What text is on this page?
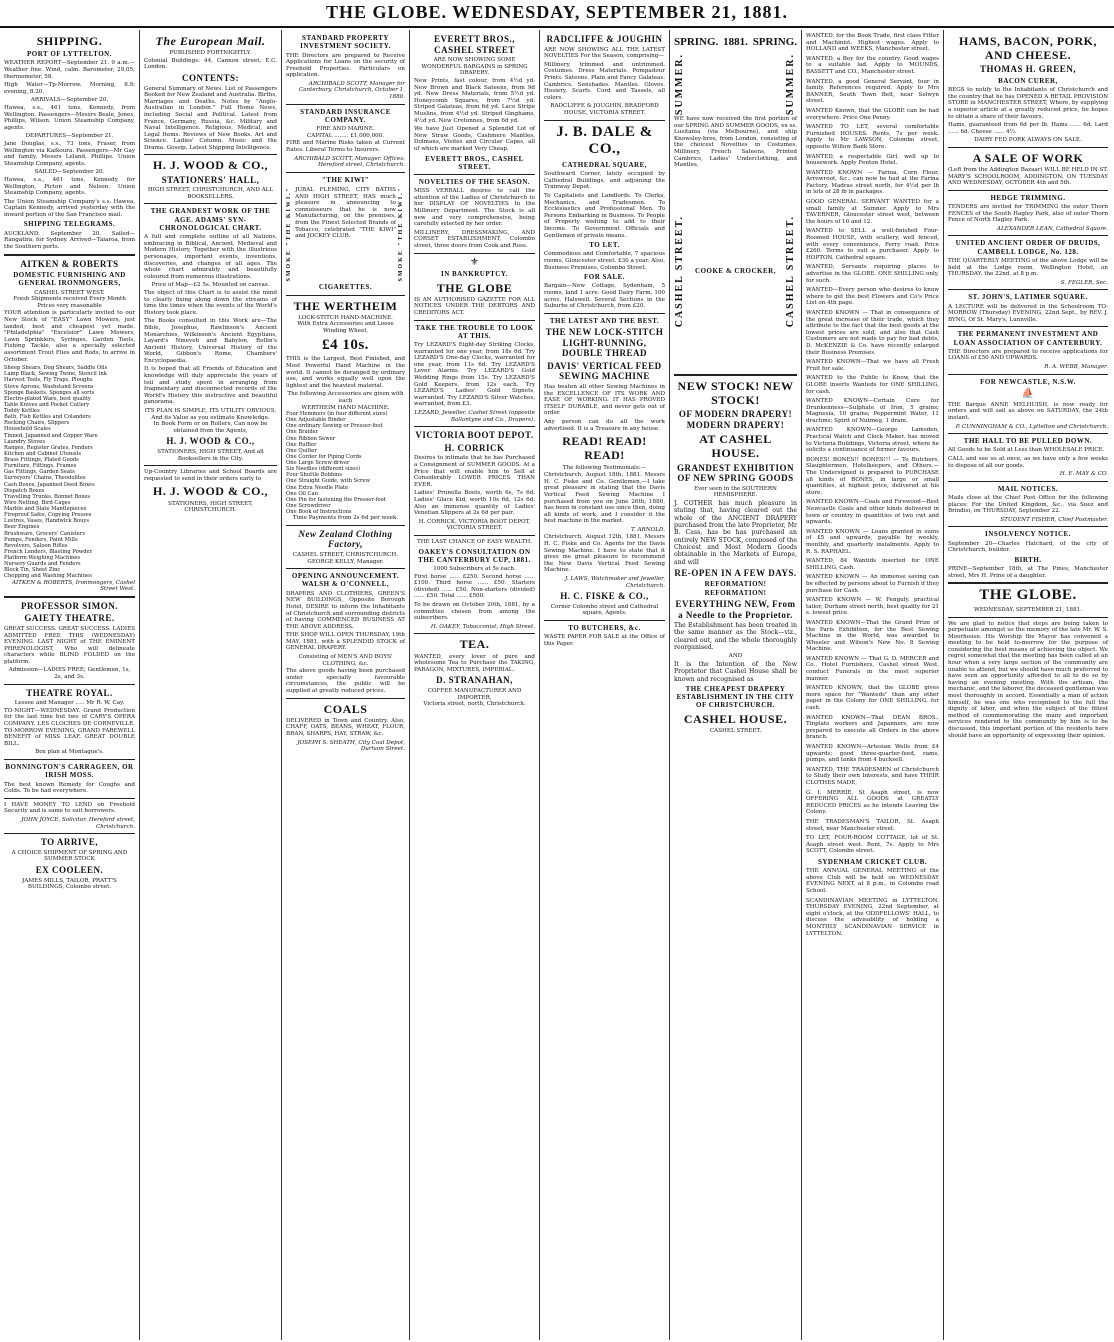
THE GLOBE. WEDNESDAY, SEPTEMBER 21, 1881.
SHIPPING.
PORT OF LYTTELTON.
WEATHER REPORT—September 21. 9 a.m.—Weather fine. Wind, calm. Barometer, 29.05; thermometer, 58.
High Water—Tp-Morrow. Morning, 8.9; evening, 8.20.
ARRIVALS—September 20.
Hawea, s.s., 461 tons, Kennedy, from Wellington. Passengers—Messrs Beale, Jones, Phillips, Wilson. Union Steamship Company, agents.
DEPARTURES—September 21.
Jane Douglas, s.s., 73 tons, Fraser, from Wellington via Kaikoura. Passengers—Mr Gay and family, Messrs Leland, Phillips. Union Steamship Company, agents.
SAILED—September 20.
Hawea, s.s., 461 tons, Kennedy, for Wellington, Picton and Nelson. Union Steamship Company, agents.
The Union Steamship Company's s.s. Hawea, Captain Kennedy, arrived yesterday with the inward portion of the San Francisco mail.
SHIPPING TELEGRAMS.
AUCKLAND, September 20. Sailed—Rangatira, for Sydney. Arrived—Taiaroa, from the Southern ports.
AITKEN & ROBERTS
DOMESTIC FURNISHING AND GENERAL IRONMONGERS,
CASHEL STREET WEST.
Fresh Shipments received Every Month
Prices very reasonable
YOUR attention is particularly invited to our New Stock of "EASY" Lawn Mowers, just landed, best and cheapest yet made. "Philadelphia" "Excelsior" Lawn Mowers, Lawn Sprinklers, Syringes, Garden Tools, Fishing Tackle, also a specially selected assortment Trout Flies and Rods, to arrive in October.
Sheep Shears, Dog Shears, Saddle Oils
Lamp Black, Sewing Twine, Stencil Ink
Harvest Tools, Fly Traps, Ploughs
Stove Aprons, Washstand Screens
Sponge Baskets, Sponges all sorts
Electro-plated Ware, best quality
Table Knives and Pocket Cutlery
Toddy Kettles
Bath, Fish Kettles and Colanders
Rocking Chairs, Slippers
Household Scales
Tinned, Japanned and Copper Ware
Laundry Stoves
Ranges, Register Grates, Fenders
Kitchen and Cabinet Utensils
Brass Fittings, Plated Goods
Furniture, Fittings, Frames
Gas Fittings, Garden Seats
Surveyors' Chains, Theodolites
Cash Boxes, Japanned Deed Boxes
Dispatch Boxes
Travelling Trunks, Bonnet Boxes
Wire Netting, Bird Cages
Marble and Slate Mantlepieces
Fireproof Safes, Copying Presses
Lustres, Vases, Handwick Bouys
Beer Engines
Brushware, Grocers' Canisters
Pumps, Fenders, Paint Mills
Revolvers, Saloon Rifles
French Lenders, Blasting Powder
Platform Weighing Machines
Nursery Guards and Fenders
Block Tin, Sheet Zinc
Chopping and Washing Machines
AITKEN & ROBERTS, Ironmongers, Cashel Street West.
PROFESSOR SIMON.
GAIETY THEATRE.
GREAT SUCCESS. GREAT SUCCESS. LADIES ADMITTED FREE THIS (WEDNESDAY) EVENING. LAST NIGHT of THE EMINENT PHRENOLOGIST, Who will delineate characters while BLIND FOLDED on the platform.
Admission—LADIES FREE; Gentlemen, 1s, 2s, and 3s.
THEATRE ROYAL.
Lessee and Manager ..... Mr R. W. Cay.
TO-NIGHT—WEDNESDAY. Grand Production for the last time but two of CARY'S OPERA COMPANY. LES CLOCHES DE CORNEVILLE. TO-MORROW EVENING, GRAND FAREWELL BENEFIT of MISS LEAF. GREAT DOUBLE BILL.
Box plan at Montague's.
BONNINGTON'S CARRAGEEN, OR IRISH MOSS.
The best known Remedy for Coughs and Colds. To be had everywhere.
I HAVE MONEY TO LEND on Freehold Security and is same to suit borrowers.
JOHN JOYCE, Solicitor, Hereford street, Christchurch.
TO ARRIVE,
A CHOICE SHIPMENT OF SPRING AND SUMMER STOCK
EX COOLEEN.
JAMES MILLS, TAILOR, PRATT'S BUILDINGS, Colombo street.
The European Mail.
PUBLISHED FORTNIGHTLY.
Colonial Buildings: 44, Cannon street, E.C. London.
CONTENTS:
General Summary of News. List of Passengers Booked for New Zealand and Australia. Births, Marriages and Deaths. Notes by "Anglo-Australian in London." Full Home News, including Social and Political. Latest from France, Germany, Russia, &c. Military and Naval Intelligence. Religious, Medical, and Legal Items. Reviews of New Books. Art and Science. Ladies' Column. Music and the Drama. Gossip. Latest Shipping Intelligence.
H. J. WOOD & CO.,
STATIONERS' HALL,
HIGH STREET, CHRISTCHURCH, AND ALL BOOKSELLERS.
THE GRANDEST WORK OF THE AGE. ADAMS' SYN-CHRONOLOGICAL CHART.
A full and complete outline of all Nations, embracing in Biblical, Ancient, Medieval and Modern History, Together with the illustrious personages, important events, inventions, discoveries, and changes of all ages. The whole chart admirably and beautifully coloured from numerous illustrations.
Price of Map—£2 5s. Mounted on canvas.
The object of this Chart is to assist the mind to clearly fixing along down the streams of time the times when the events of the World's History took place.
The Books consulted in this Work are—The Bible, Josephus, Rawlinson's Ancient Monarchies, Wilkinson's Ancient Egyptians, Layard's Nineveh and Babylon, Rollin's Ancient History, Universal History of the World, Gibbon's Rome, Chambers' Encyclopaedia.
It is hoped that all Friends of Education and knowledge will duly appreciate the years of toil and study spent in arranging from fragmentary and disconnected records of the World's History this instructive and beautiful panorama.
ITS PLAN IS SIMPLE, ITS UTILITY OBVIOUS, And its Value as you estimate Knowledge.
In Book Form or on Rollers, Can now be obtained from the Agents,
H. J. WOOD & CO.,
STATIONERS, HIGH STREET, And all Booksellers in the City.
Up-Country Libraries and School Boards are requested to send in their orders early to
H. J. WOOD & CO.,
STATIONERS, HIGH STREET, CHRISTCHURCH.
STANDARD PROPERTY INVESTMENT SOCIETY.
THE Directors are prepared to Receive Applications for Loans on the security of Freehold Properties. Particulars on application.
ARCHIBALD SCOTT, Manager for Canterbury. Christchurch, October 1, 1880.
STANDARD INSURANCE COMPANY.
FIRE AND MARINE.
CAPITAL ........ £1,000,000.
FIRE and Marine Risks taken at Current Rates. Liberal Terms to Insurers.
ARCHIBALD SCOTT, Manager. Offices: Hereford street, Christchurch.
"THE KIWI"
SMOKE "THE KIWI." JUBAL FLEMING, CITY BATHS AND HIGH STREET, HAS much pleasure in announcing to connoisseurs that he is now Manufacturing, on the premises, from the Finest Selected Brands of Tobacco, celebrated "THE KIWI" and JOCKEY CLUB.	SMOKE "THE KIWI."
CIGARETTES.
THE WERTHEIM
LOCK-STITCH HAND-MACHINE.
With Extra Accessories and Loose Winding Wheel,
£4 10s.
THIS is the Largest, Best Finished, and Most Powerful Hand Machine in the world. It cannot be deranged by ordinary use, and works equally well upon the lightest and the heaviest material.
The following Accessories are given with each
WERTHEIM HAND MACHINE.
Four Hemmers (in four different sizes)
One Adjustable Binder
One ordinary Sewing or Presser-foot
One Braider
One Ribbon Sewer
One Ruffler
One Quilter
One Corder for Piping Cords
One Large Screw-driver
Six Needles (different sizes)
Four Shuttle Bobbins
One Straight Guide, with Screw
One Extra Needle Plate
One Oil Can
One Pin for fastening the Presser-foot
One Screwdriver
One Book of Instructions
Time Payments from 2s 6d per week.
New Zealand Clothing Factory,
CASHEL STREET, CHRISTCHURCH.
GEORGE KELLY, Manager.
OPENING ANNOUNCEMENT. WALSH & O'CONNELL,
DRAPERS AND CLOTHIERS, GREEN'S NEW BUILDINGS, Opposite Borough Hotel, DESIRE to inform the Inhabitants of Christchurch and surrounding districts of having COMMENCED BUSINESS AT THE ABOVE ADDRESS.
THE SHOP WILL OPEN THURSDAY, 19th MAY, 1881, with a SPLENDID STOCK of GENERAL DRAPERY.
Consisting of MEN'S AND BOYS' CLOTHING, &c.
The above goods having been purchased under specially favourable circumstances, the public will be supplied at greatly reduced prices.
COALS
DELIVERED in Town and Country. Also, CHAFF, OATS, BEANS, WHEAT, FLOUR, BRAN, SHARPS, HAY, STRAW, &c.
JOSEPH S. SHEATH, City Coal Depot, Durham Street.
EVERETT BROS., CASHEL STREET
ARE NOW SHOWING SOME WONDERFUL BARGAINS in SPRING DRAPERY.
New Prints, fast colour, from 4½d yd. New Brown and Black Sateens, from 9d yd. New Dress Materials, from 5½d yd. Honeycomb Squares, from 7½d yd. Striped Galateas, from 6d yd. Lace Stripe Muslins, from 4½d yd. Striped Ginghams, 4½d yd. New Cretonnes, from 6d yd.
We have Just Opened a Splendid Lot of New Straw Goods, Cashmere Mantles, Dolmans, Visites and Circular Capes, all of which are marked Very Cheap.
EVERETT BROS., CASHEL STREET.
NOVELTIES OF THE SEASON.
MISS VERRALL desires to call the attention of the Ladies of Christchurch to her DISPLAY OF NOVELTIES In the Millinery Department. The Stock is all new and very comprehensive, being carefully selected by her order.
MILLINERY, DRESSMAKING, AND CORSET ESTABLISHMENT, Colombo street, three doors from Cook and Ross.
⚜
IN BANKRUPTCY.
THE GLOBE
IS AN AUTHORISED GAZETTE FOR ALL NOTICES UNDER THE DEBTORS AND CREDITORS ACT.
TAKE THE TROUBLE TO LOOK AT THIS.
Try LEZARD'S Eight-day Striking Clocks, warranted for one year, from 18s 6d. Try LEZARD'S One-day Clocks, warranted for one year, from 11s 6d. Try LEZARD'S Lever Alarms. Try LEZARD'S Gold Wedding Rings from 15s. Try LEZARD'S Gold Keepers, from 12s each. Try LEZARD'S Ladies' Gold Signets, warranted. Try LEZARD'S Silver Watches, warranted, from £3.
LEZARD, Jeweller, Cashel Street (opposite Ballantyne and Co., Drapers).
VICTORIA BOOT DEPOT.
H. CORRICK
Desires to intimate that he has Purchased a Consignment of SUMMER GOODS. At a Price that will enable him to Sell at Considerably LOWER PRICES THAN EVER.
Ladies' Prunella Boots, worth 6s, 7s 6d. Ladies' Glace Kid, worth 10s 6d, 12s 6d. Also an immense quantity of Ladies' Venetian Slippers at 2s 6d per pair.
H. CORRICK, VICTORIA BOOT DEPOT, VICTORIA STREET.
THE LAST CHANCE OF EASY WEALTH.
OAKEY'S CONSULTATION ON THE CANTERBURY CUP, 1881.
1000 Subscribers at 5s each.
First horse ...... £250. Second horse ...... £100. Third horse ...... £50. Starters (divided) ...... £50. Non-starters (divided) ...... £50. Total ...... £500.
To be drawn on October 20th, 1881, by a committee chosen from among the subscribers.
H. OAKEY, Tobacconist, High Street.
TEA.
WANTED, every lover of pure and wholesome Tea to Purchase the TAKING, PARAGON, MIXTURES, IMPERIAL.
D. STRANAHAN,
COFFEE MANUFACTURER AND IMPORTER,
Victoria street, north, Christchurch.
RADCLIFFE & JOUGHIN
ARE NOW SHOWING ALL THE LATEST NOVELTIES For the Season, comprising—
Millinery, trimmed and untrimmed. Costumes. Dress Materials. Pompadour Prints. Sateens. Plain and Fancy Galateas. Cambrics. Sunshades. Mantles. Gloves. Hosiery, Scarfs. Cord and Tassels, all colors.
RADCLIFFE & JOUGHIN, BRADFORD HOUSE, VICTORIA STREET.
J. B. DALE & CO.,
CATHEDRAL SQUARE,
Southward Corner, lately occupied by Cathedral Buildings, and adjoining the Tramway Depot.
To Capitalists and Landlords. To Clerks, Mechanics, and Tradesmen. To Ecclesiastics and Professional Men. To Persons Embarking in Business. To People of Property wishing to add to their Income. To Government Officials and Gentlemen of private means.
TO LET.
Commodious and Comfortable, 7 spacious rooms, Gloucester street. £30 a year. Also, Business Premises, Colombo Street.
FOR SALE.
Bargain—New Cottage, Sydenham, 5 rooms, land 1 acre. Good Dairy Farm, 100 acres, Halswell. Several Sections in the Suburbs of Christchurch, from £20.
THE LATEST AND THE BEST.
THE NEW LOCK-STITCH LIGHT-RUNNING, DOUBLE THREAD
DAVIS' VERTICAL FEED SEWING MACHINE
Has beaten all other Sewing Machines in the EXCELLENCE OF ITS WORK AND EASE OF WORKING. IT HAS PROVED ITSELF DURABLE, and never gets out of order.
Any person can do all the work advertised. It is a Treasure in any house.
READ! READ! READ!
The following Testimonials:—
Christchurch, August 18th, 1881. Messrs H. C. Fiske and Co. Gentlemen,—I take great pleasure in stating that the Davis Vertical Feed Sewing Machine I purchased from you on June 26th, 1880, has been in constant use since then, doing all kinds of work, and I consider it the best machine in the market.
T. ARNOLD.
Christchurch, August 12th, 1881. Messrs H. C. Fiske and Co. Agents for the Davis Sewing Machine. I have to state that it gives me great pleasure to recommend the New Davis Vertical Feed Sewing Machine.
J. LAWS, Watchmaker and Jeweller, Christchurch.
H. C. FISKE & CO.,
Corner Colombo street and Cathedral square, Agents.
TO BUTCHERS, &c.
WASTE PAPER FOR SALE at the Office of this Paper.
SPRING. 1881. SPRING.
SUMMER.	SUMMER.
WE have now received the first portion of our SPRING AND SUMMER GOODS, ex ss. Lusitania (via Melbourne), and ship Knowsley-bree, from London, consisting of the choicest Novelties in Costumes, Millinery, French Sateens, Printed Cambrics, Ladies' Underclothing, and Mantles.
CASHEL STREET. COOKE & CROCKER, CASHEL STREET.
NEW STOCK! NEW STOCK!
OF MODERN DRAPERY! MODERN DRAPERY!
AT CASHEL HOUSE.
GRANDEST EXHIBITION OF NEW SPRING GOODS
Ever seen in the SOUTHERN HEMISPHERE.
J. COTHER has much pleasure in stating that, having cleared out the whole of the ANCIENT DRAPERY purchased from the late Proprietor, Mr B. Cass, has be has purchased an entirely NEW STOCK, composed of the Choicest and Most Modern Goods obtainable in the Markets of Europe, and will
RE-OPEN IN A FEW DAYS.
REFORMATION! REFORMATION!
EVERYTHING NEW, From a Needle to the Proprietor.
The Establishment has been treated in the same manner as the Stock—viz., cleared out, and the whole thoroughly reorganised.
AND
It is the Intention of the New Proprietor that Cashel House shall be known and recognised as
THE CHEAPEST DRAPERY ESTABLISHMENT IN THE CITY OF CHRISTCHURCH.
CASHEL HOUSE.
CASHEL STREET.
WANTED, for the Book Trade, first class Fitter and Machinist. Highest wages. Apply to HOLLAND and WEEKS, Manchester street.
WANTED, a Boy for the country. Good wages to a suitable lad. Apply to MOUNDS, BASSETT and CO., Manchester street.
WANTED, a good General Servant, four in family. References required. Apply to Mrs BANNER, South Town Belt, near Selwyn street.
WANTED Known, that the GLOBE can be had everywhere. Price One Penny.
WANTED TO LET, several comfortable Furnished HOUSES. Rents, 7s per week. Apply to Mr LAWSON, Colombo street, opposite Willow Bank Store.
WANTED, a respectable Girl, well up to housework. Apply Fenton Hotel.
WANTED KNOWN — Farina, Corn Flour, Arrowroot, &c., can now be had at the Farina Factory, Madras street north, for 4½d per lb in lots of 28 lb in packages.
GOOD GENERAL SERVANT WANTED for a small family at Sumner. Apply to Mrs TAVERNER, Gloucester street west, between the hours of 10 and 12.
WANTED to SELL a well-finished Four-Roomed HOUSE, with scullery, well fenced, with every convenience, Ferry road. Price £260. Terms to suit a purchaser. Apply to HOPTON, Cathedral square.
WANTED, Servants requiring places to advertise in the GLOBE. ONE SHILLING only, for such.
WANTED—Every person who desires to know where to get the best Flowers and Co's Price List on 4th page.
WANTED KNOWN — That in consequence of the great increase of their trade, which they attribute to the fact that the best goods at the lowest prices are sold, and also that Cash Customers are not made to pay for bad debts, D. McKENZIE & Co. have recently enlarged their Business Premises.
WANTED KNOWN—That we have all Fresh Fruit for sale.
WANTED to the Public to Know, that the GLOBE inserts Wanteds for ONE SHILLING, for cash.
WANTED KNOWN—Certain Cure for Drunkenness—Sulphate of Iron, 5 grains; Magnesia, 10 grains; Peppermint Water, 11 drachms; Spirit of Nutmeg, 1 dram.
WANTED KNOWN—George Lamsden, Practical Watch and Clock Maker, has moved to Victoria Buildings, Victoria street, where he solicits a continuance of former favours.
BONES! BONES!! BONES!!! — To Butchers, Slaughtermen, Hotelkeepers, and Others.—The Undersigned is prepared to PURCHASE all kinds of BONES, in large or small quantities, at highest price, delivered at his store.
WANTED KNOWN—Coals and Firewood—Best Newcastle Coals and other kinds delivered in town or country in quantities of two cwt and upwards.
WANTED KNOWN — Loans granted in sums of £5 and upwards, payable by weekly, monthly, and quarterly instalments. Apply to R. S. RAPHAEL.
WANTED, 84 Wantids inserted for ONE SHILLING, Cash.
WANTED KNOWN — An immense saving can be effected by persons about to Furnish if they purchase for Cash.
WANTED KNOWN — W. Fenguly, practical tailor, Durham street north, best quality for 21 s. lowest price.
WANTED KNOWN—That the Grand Prize of the Paris Exhibition, for the Best Sewing Machine in the World, was awarded to Wheeler and Wilson's New No. 8 Sewing Machine.
WANTED KNOWN — That G. D. MERCER and Co., Hotel Furnishers, Cashel street West, conduct Funerals in the most superior manner.
WANTED KNOWN, that the GLOBE gives more space for "Wanteds" than any other paper in the Colony for ONE SHILLING, for cash.
WANTED KNOWN—That DEAN BROS., Tinplate workers and Japanners, are now prepared to execute all Orders in the above branch.
WANTED KNOWN—Artesian Wells from £4 upwards; good three-quarter-feed, rams, pumps, and tanks from 4 bucksell.
WANTED, THE TRADESMEN of Christchurch to Study their own Interests, and have THEIR CLOTHES MADE,
G. I. MERRIE, St Asaph street, is now OFFERING ALL GOODS at GREATLY REDUCED PRICES as he intends Leaving the Colony.
THE TRADESMAN'S TAILOR, St. Asaph street, near Manchester street.
TO LET, FOUR-ROOM COTTAGE, lot of St. Asaph street west. Rent, 7s. Apply to Mrs SCOTT, Colombo street.
SYDENHAM CRICKET CLUB.
THE ANNUAL GENERAL MEETING of the above Club will be held on WEDNESDAY EVENING NEXT, at 8 p.m., in Colombo road School.
SCANDINAVIAN MEETING in LYTTELTON, THURSDAY EVENING, 22nd September, at eight o'clock, at the ODDFELLOWS' HALL, to discuss the advisability of holding a MONTHLY SCANDINAVIAN SERVICE in LYTTELTON.
HAMS, BACON, PORK, AND CHEESE.
THOMAS H. GREEN,
BACON CURER,
BEGS to notify to the Inhabitants of Christchurch and the country that he has OPENED A RETAIL PROVISION STORE in MANCHESTER STREET, Where, by supplying a superior article at a greatly reduced price, he hopes to obtain a share of their favours.
Hams, guaranteed from 6d per lb. Hams ...... 6d. Lard ...... 6d. Cheese ...... 4½.
DAIRY FED PORK ALWAYS ON SALE.
A SALE OF WORK
(Left from the Addington Bazaar) WILL BE HELD IN ST. MARY'S SCHOOLROOM, ADDINGTON, ON TUESDAY AND WEDNESDAY, OCTOBER 4th and 5th.
HEDGE TRIMMING.
TENDERS are invited for TRIMMING the outer Thorn FENCES of the South Hagley Park, also of outer Thorn Fence of North Hagley Park.
ALEXANDER LEAN, Cathedral Square.
UNITED ANCIENT ORDER OF DRUIDS, CAMBELL LODGE, No. 128.
THE QUARTERLY MEETING of the above Lodge will be held at the Lodge room, Wellington Hotel, on THURSDAY, the 22nd, at 8 p.m.
S. FEGLER, Sec.
ST. JOHN'S, LATIMER SQUARE.
A LECTURE will be delivered in the Schoolroom TO-MORROW (Thursday) EVENING, 22nd Sept., by REV. J. BYNG, Of St. Mary's, Lunnville.
THE PERMANENT INVESTMENT AND LOAN ASSOCIATION OF CANTERBURY.
THE Directors are prepared to receive applications for LOANS of £50 AND UPWARDS.
R. A. WEBB, Manager.
FOR NEWCASTLE, N.S.W.
⛵
THE Barque ANNE MELHUISH, is now ready for orders and will sail as above on SATURDAY, the 24th instant.
P. CUNNINGHAM & CO., Lyttelton and Christchurch.
THE HALL TO BE PULLED DOWN.
All Goods to be Sold at Less than WHOLESALE PRICE.
CALL and see us at once, as we have only a few weeks to dispose of all our goods.
H. E. MAY & CO.
MAIL NOTICES.
Mails close at the Chief Post Office for the following places: For the United Kingdom, &c., via Suez and Brindisi, on THURSDAY, September 22.
STUDENT FISHER, Chief Postmaster.
INSOLVENCY NOTICE.
September 20—Charles Hatchard, of the city of Christchurch, builder.
BIRTH.
PRINE—September 18th, at The Pines, Manchester street, Mrs H. Prine of a daughter.
THE GLOBE.
WEDNESDAY, SEPTEMBER 21, 1881.
We are glad to notice that steps are being taken to perpetuate amongst us the memory of the late Mr. W. S. Moorhouse. His Worship the Mayor has convened a meeting to be held to-morrow for the purpose of considering the best means of achieving the object. We regret somewhat that the meeting has been called at an hour when a very large section of the community are unable to attend, but we should have much preferred to have seen an opportunity afforded to all to do so by having an evening meeting. With the artisan, the mechanic, and the laborer, the deceased gentleman was most thoroughly in accord. Essentially a man of action himself, he was one who recognised to the full the dignity of labor, and when the subject of the fittest method of commemorating the many and important services rendered to the community by him is to be discussed, this important portion of the residents here should have an opportunity of expressing their opinion.
